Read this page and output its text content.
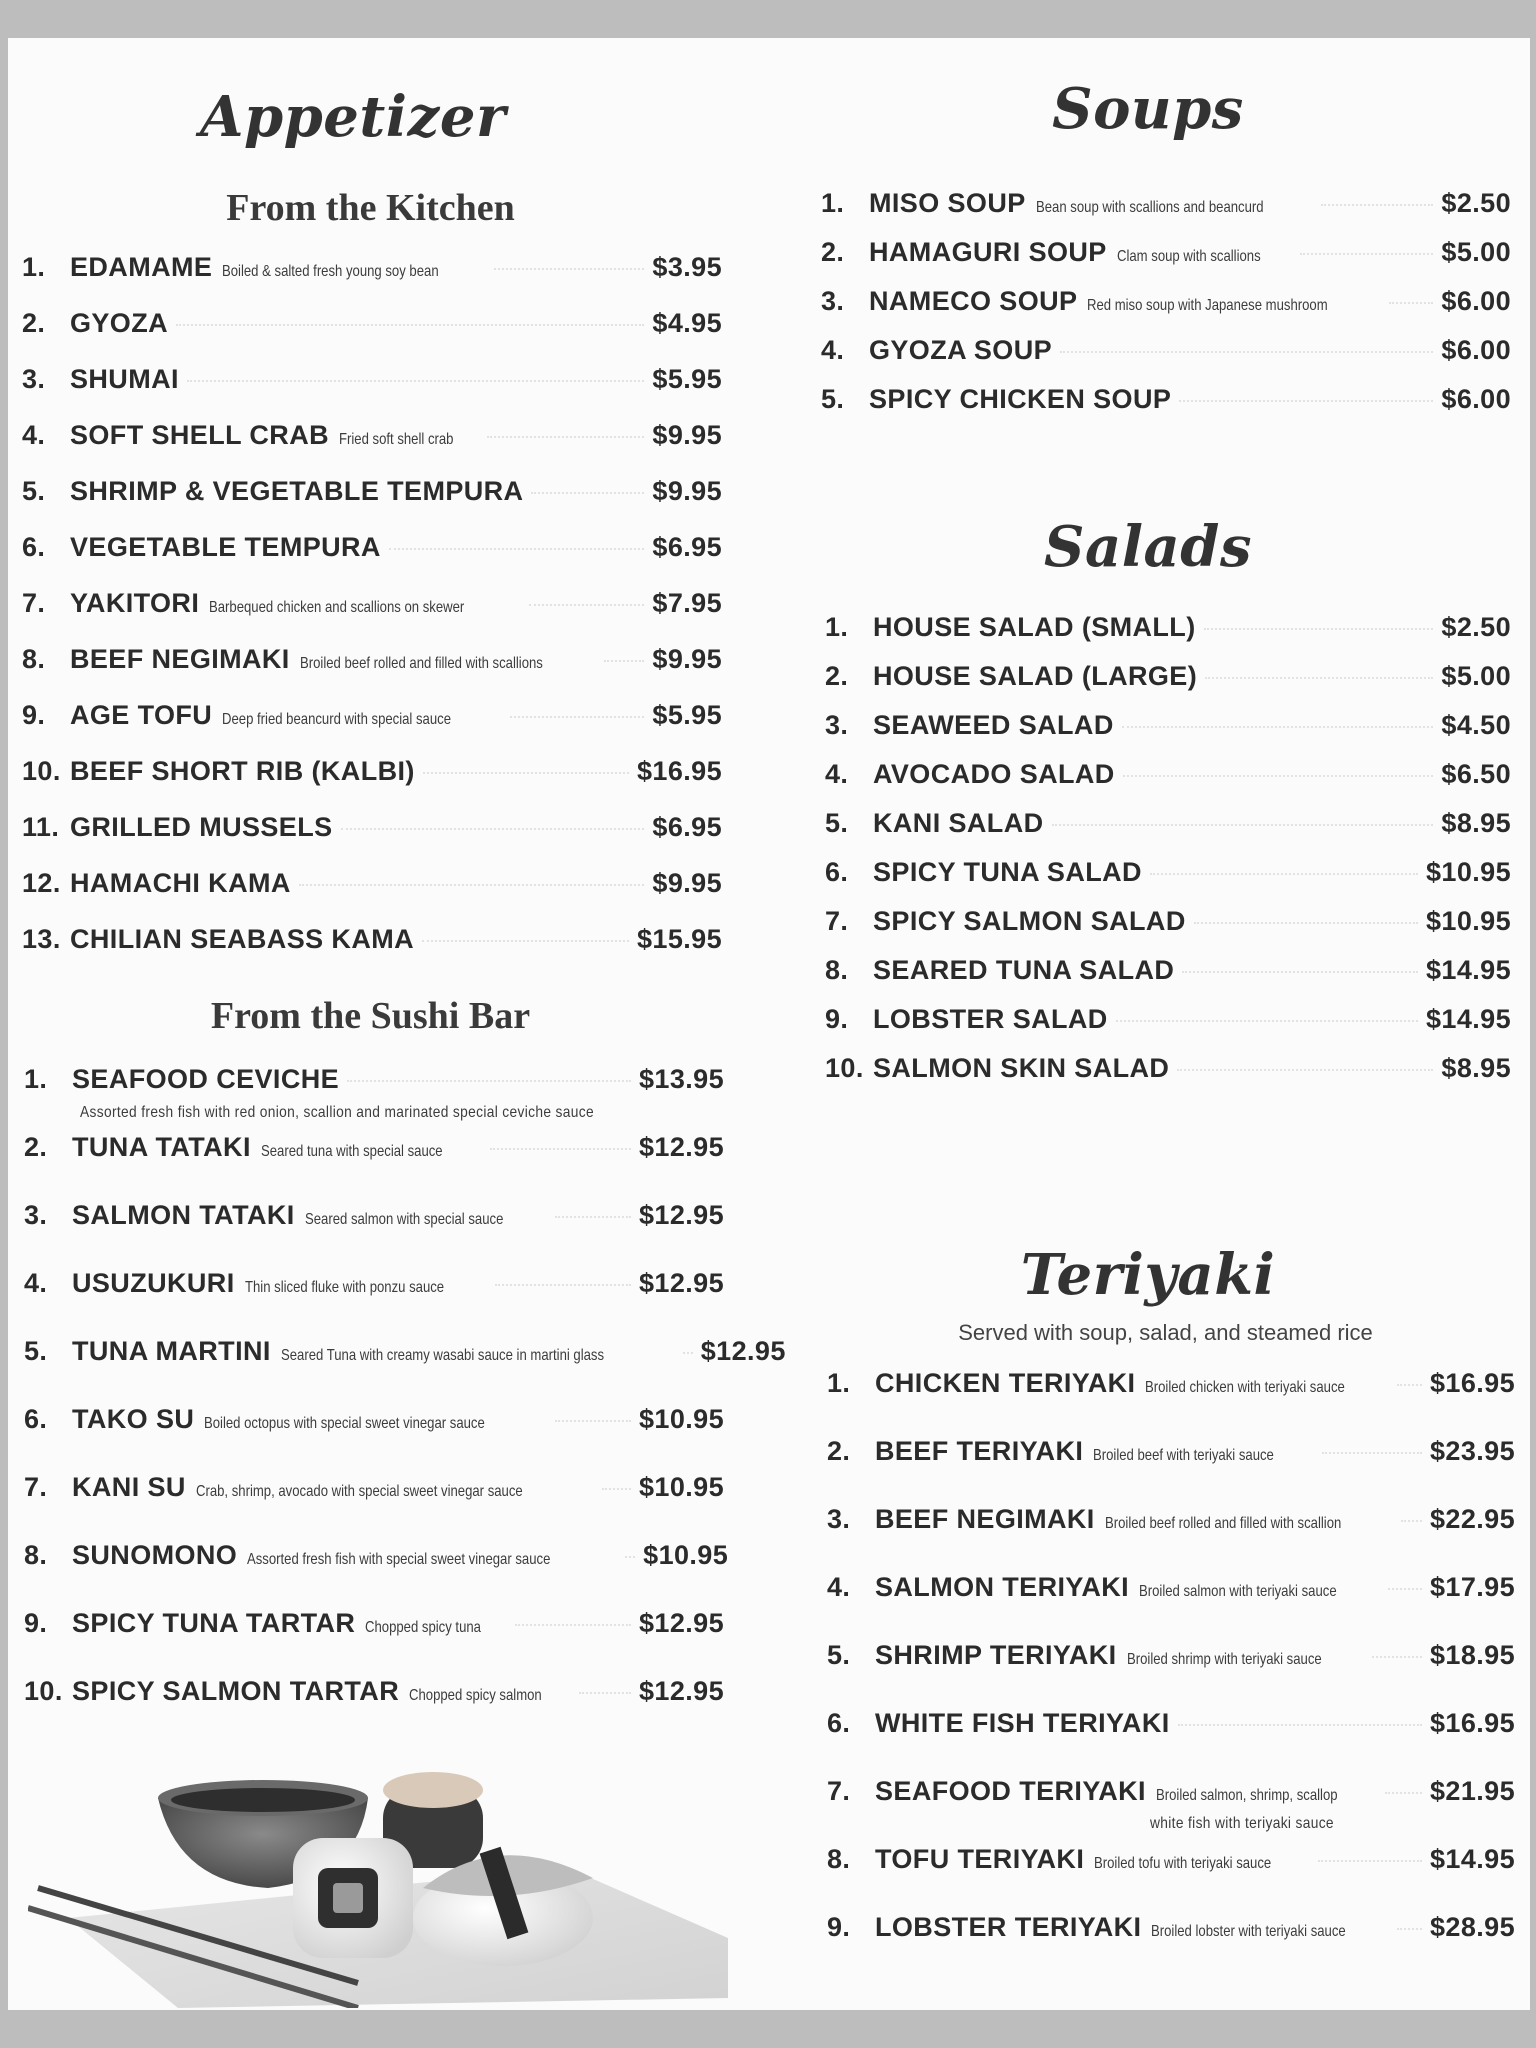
Appetizer
From the Kitchen
1. EDAMAME Boiled & salted fresh young soy bean	$3.95
2. GYOZA	$4.95
3. SHUMAI	$5.95
4. SOFT SHELL CRAB Fried soft shell crab	$9.95
5. SHRIMP & VEGETABLE TEMPURA	$9.95
6. VEGETABLE TEMPURA	$6.95
7. YAKITORI Barbequed chicken and scallions on skewer	$7.95
8. BEEF NEGIMAKI Broiled beef rolled and filled with scallions	$9.95
9. AGE TOFU Deep fried beancurd with special sauce	$5.95
10. BEEF SHORT RIB (KALBI)	$16.95
11. GRILLED MUSSELS	$6.95
12. HAMACHI KAMA	$9.95
13. CHILIAN SEABASS KAMA	$15.95
From the Sushi Bar
1. SEAFOOD CEVICHE	$13.95
Assorted fresh fish with red onion, scallion and marinated special ceviche sauce
2. TUNA TATAKI Seared tuna with special sauce	$12.95
3. SALMON TATAKI Seared salmon with special sauce	$12.95
4. USUZUKURI Thin sliced fluke with ponzu sauce	$12.95
5. TUNA MARTINI Seared Tuna with creamy wasabi sauce in martini glass	$12.95
6. TAKO SU Boiled octopus with special sweet vinegar sauce	$10.95
7. KANI SU Crab, shrimp, avocado with special sweet vinegar sauce	$10.95
8. SUNOMONO Assorted fresh fish with special sweet vinegar sauce	$10.95
9. SPICY TUNA TARTAR Chopped spicy tuna	$12.95
10. SPICY SALMON TARTAR Chopped spicy salmon	$12.95
Soups
1. MISO SOUP Bean soup with scallions and beancurd	$2.50
2. HAMAGURI SOUP Clam soup with scallions	$5.00
3. NAMECO SOUP Red miso soup with Japanese mushroom	$6.00
4. GYOZA SOUP	$6.00
5. SPICY CHICKEN SOUP	$6.00
Salads
1. HOUSE SALAD (SMALL)	$2.50
2. HOUSE SALAD (LARGE)	$5.00
3. SEAWEED SALAD	$4.50
4. AVOCADO SALAD	$6.50
5. KANI SALAD	$8.95
6. SPICY TUNA SALAD	$10.95
7. SPICY SALMON SALAD	$10.95
8. SEARED TUNA SALAD	$14.95
9. LOBSTER SALAD	$14.95
10. SALMON SKIN SALAD	$8.95
Teriyaki

Served with soup, salad, and steamed rice

1. CHICKEN TERIYAKI Broiled chicken with teriyaki sauce	$16.95
2. BEEF TERIYAKI Broiled beef with teriyaki sauce	$23.95
3. BEEF NEGIMAKI Broiled beef rolled and filled with scallion	$22.95
4. SALMON TERIYAKI Broiled salmon with teriyaki sauce	$17.95
5. SHRIMP TERIYAKI Broiled shrimp with teriyaki sauce	$18.95
6. WHITE FISH TERIYAKI	$16.95
7. SEAFOOD TERIYAKI Broiled salmon, shrimp, scallop	$21.95
white fish with teriyaki sauce
8. TOFU TERIYAKI Broiled tofu with teriyaki sauce	$14.95
9. LOBSTER TERIYAKI Broiled lobster with teriyaki sauce	$28.95
